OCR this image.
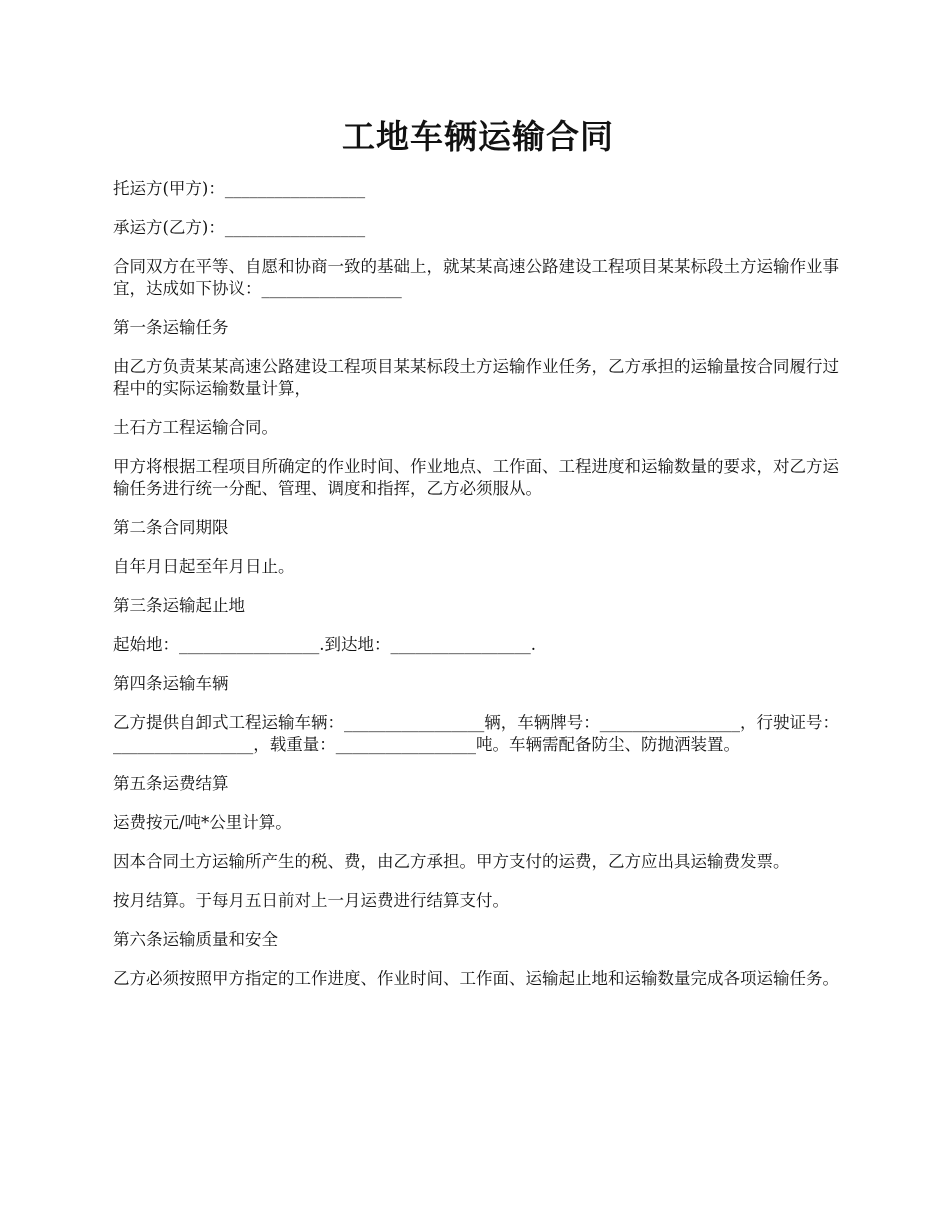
工地车辆运输合同

托运方(甲方)：_________________

承运方(乙方)：_________________

合同双方在平等、自愿和协商一致的基础上，就某某高速公路建设工程项目某某标段土方运输作业事宜，达成如下协议：_________________

第一条运输任务

由乙方负责某某高速公路建设工程项目某某标段土方运输作业任务，乙方承担的运输量按合同履行过程中的实际运输数量计算，

土石方工程运输合同。

甲方将根据工程项目所确定的作业时间、作业地点、工作面、工程进度和运输数量的要求，对乙方运输任务进行统一分配、管理、调度和指挥，乙方必须服从。

第二条合同期限

自年月日起至年月日止。

第三条运输起止地

起始地：_________________.到达地：_________________.

第四条运输车辆

乙方提供自卸式工程运输车辆：_________________辆，车辆牌号：_________________，行驶证号：_________________，载重量：_________________吨。车辆需配备防尘、防抛洒装置。

第五条运费结算

运费按元/吨*公里计算。

因本合同土方运输所产生的税、费，由乙方承担。甲方支付的运费，乙方应出具运输费发票。

按月结算。于每月五日前对上一月运费进行结算支付。

第六条运输质量和安全

乙方必须按照甲方指定的工作进度、作业时间、工作面、运输起止地和运输数量完成各项运输任务。
